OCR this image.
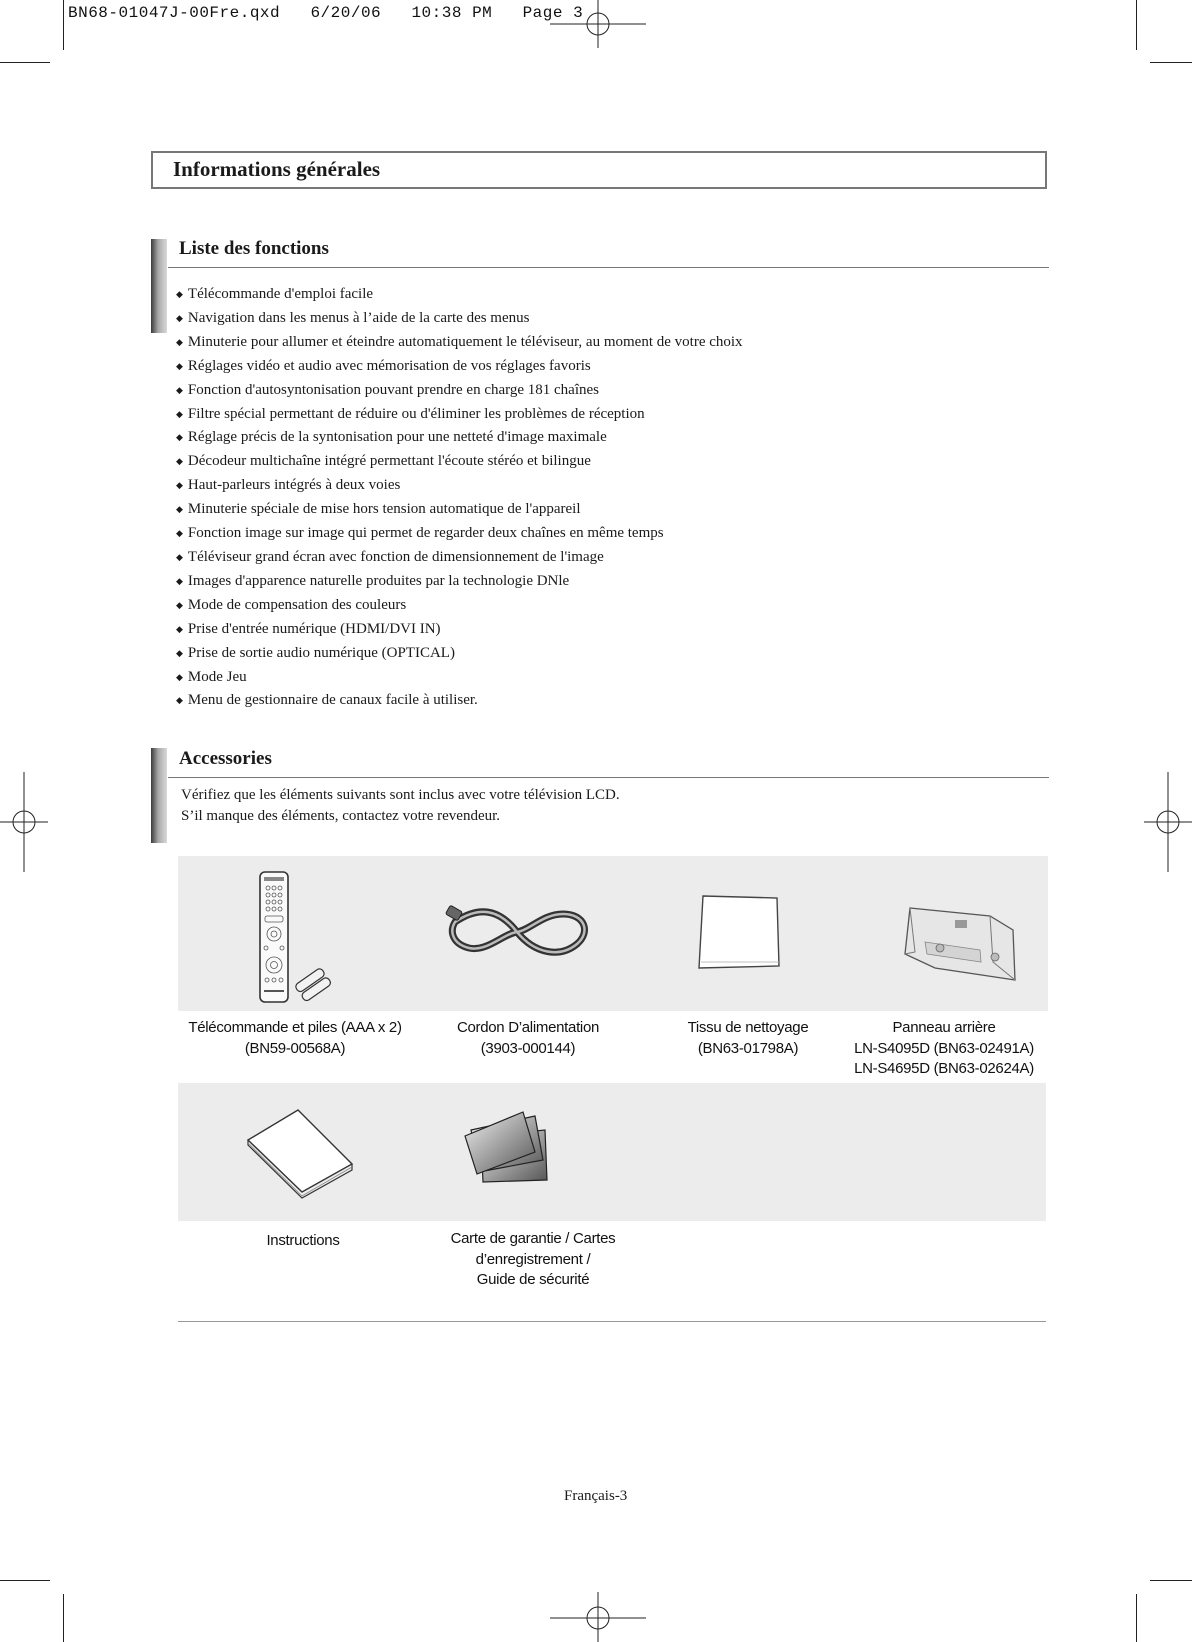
BN68-01047J-00Fre.qxd   6/20/06   10:38 PM   Page 3
Informations générales
Liste des fonctions
◆ Télécommande d'emploi facile
◆ Navigation dans les menus à l’aide de la carte des menus
◆ Minuterie pour allumer et éteindre automatiquement le téléviseur, au moment de votre choix
◆ Réglages vidéo et audio avec mémorisation de vos réglages favoris
◆ Fonction d'autosyntonisation pouvant prendre en charge 181 chaînes
◆ Filtre spécial permettant de réduire ou d'éliminer les problèmes de réception
◆ Réglage précis de la syntonisation pour une netteté d'image maximale
◆ Décodeur multichaîne intégré permettant l'écoute stéréo et bilingue
◆ Haut-parleurs intégrés à deux voies
◆ Minuterie spéciale de mise hors tension automatique de l'appareil
◆ Fonction image sur image qui permet de regarder deux chaînes en même temps
◆ Téléviseur grand écran avec fonction de dimensionnement de l'image
◆ Images d'apparence naturelle produites par la technologie DNle
◆ Mode de compensation des couleurs
◆ Prise d'entrée numérique (HDMI/DVI IN)
◆ Prise de sortie audio numérique (OPTICAL)
◆ Mode Jeu
◆ Menu de gestionnaire de canaux facile à utiliser.
Accessories
Vérifiez que les éléments suivants sont inclus avec votre télévision LCD.
S’il manque des éléments, contactez votre revendeur.
Télécommande et piles (AAA x 2)
(BN59-00568A)
Cordon D’alimentation
(3903-000144)
Tissu de nettoyage
(BN63-01798A)
Panneau arrière
LN-S4095D (BN63-02491A)
LN-S4695D (BN63-02624A)
Instructions	Carte de garantie / Cartes
d’enregistrement /
Guide de sécurité
Français-3
